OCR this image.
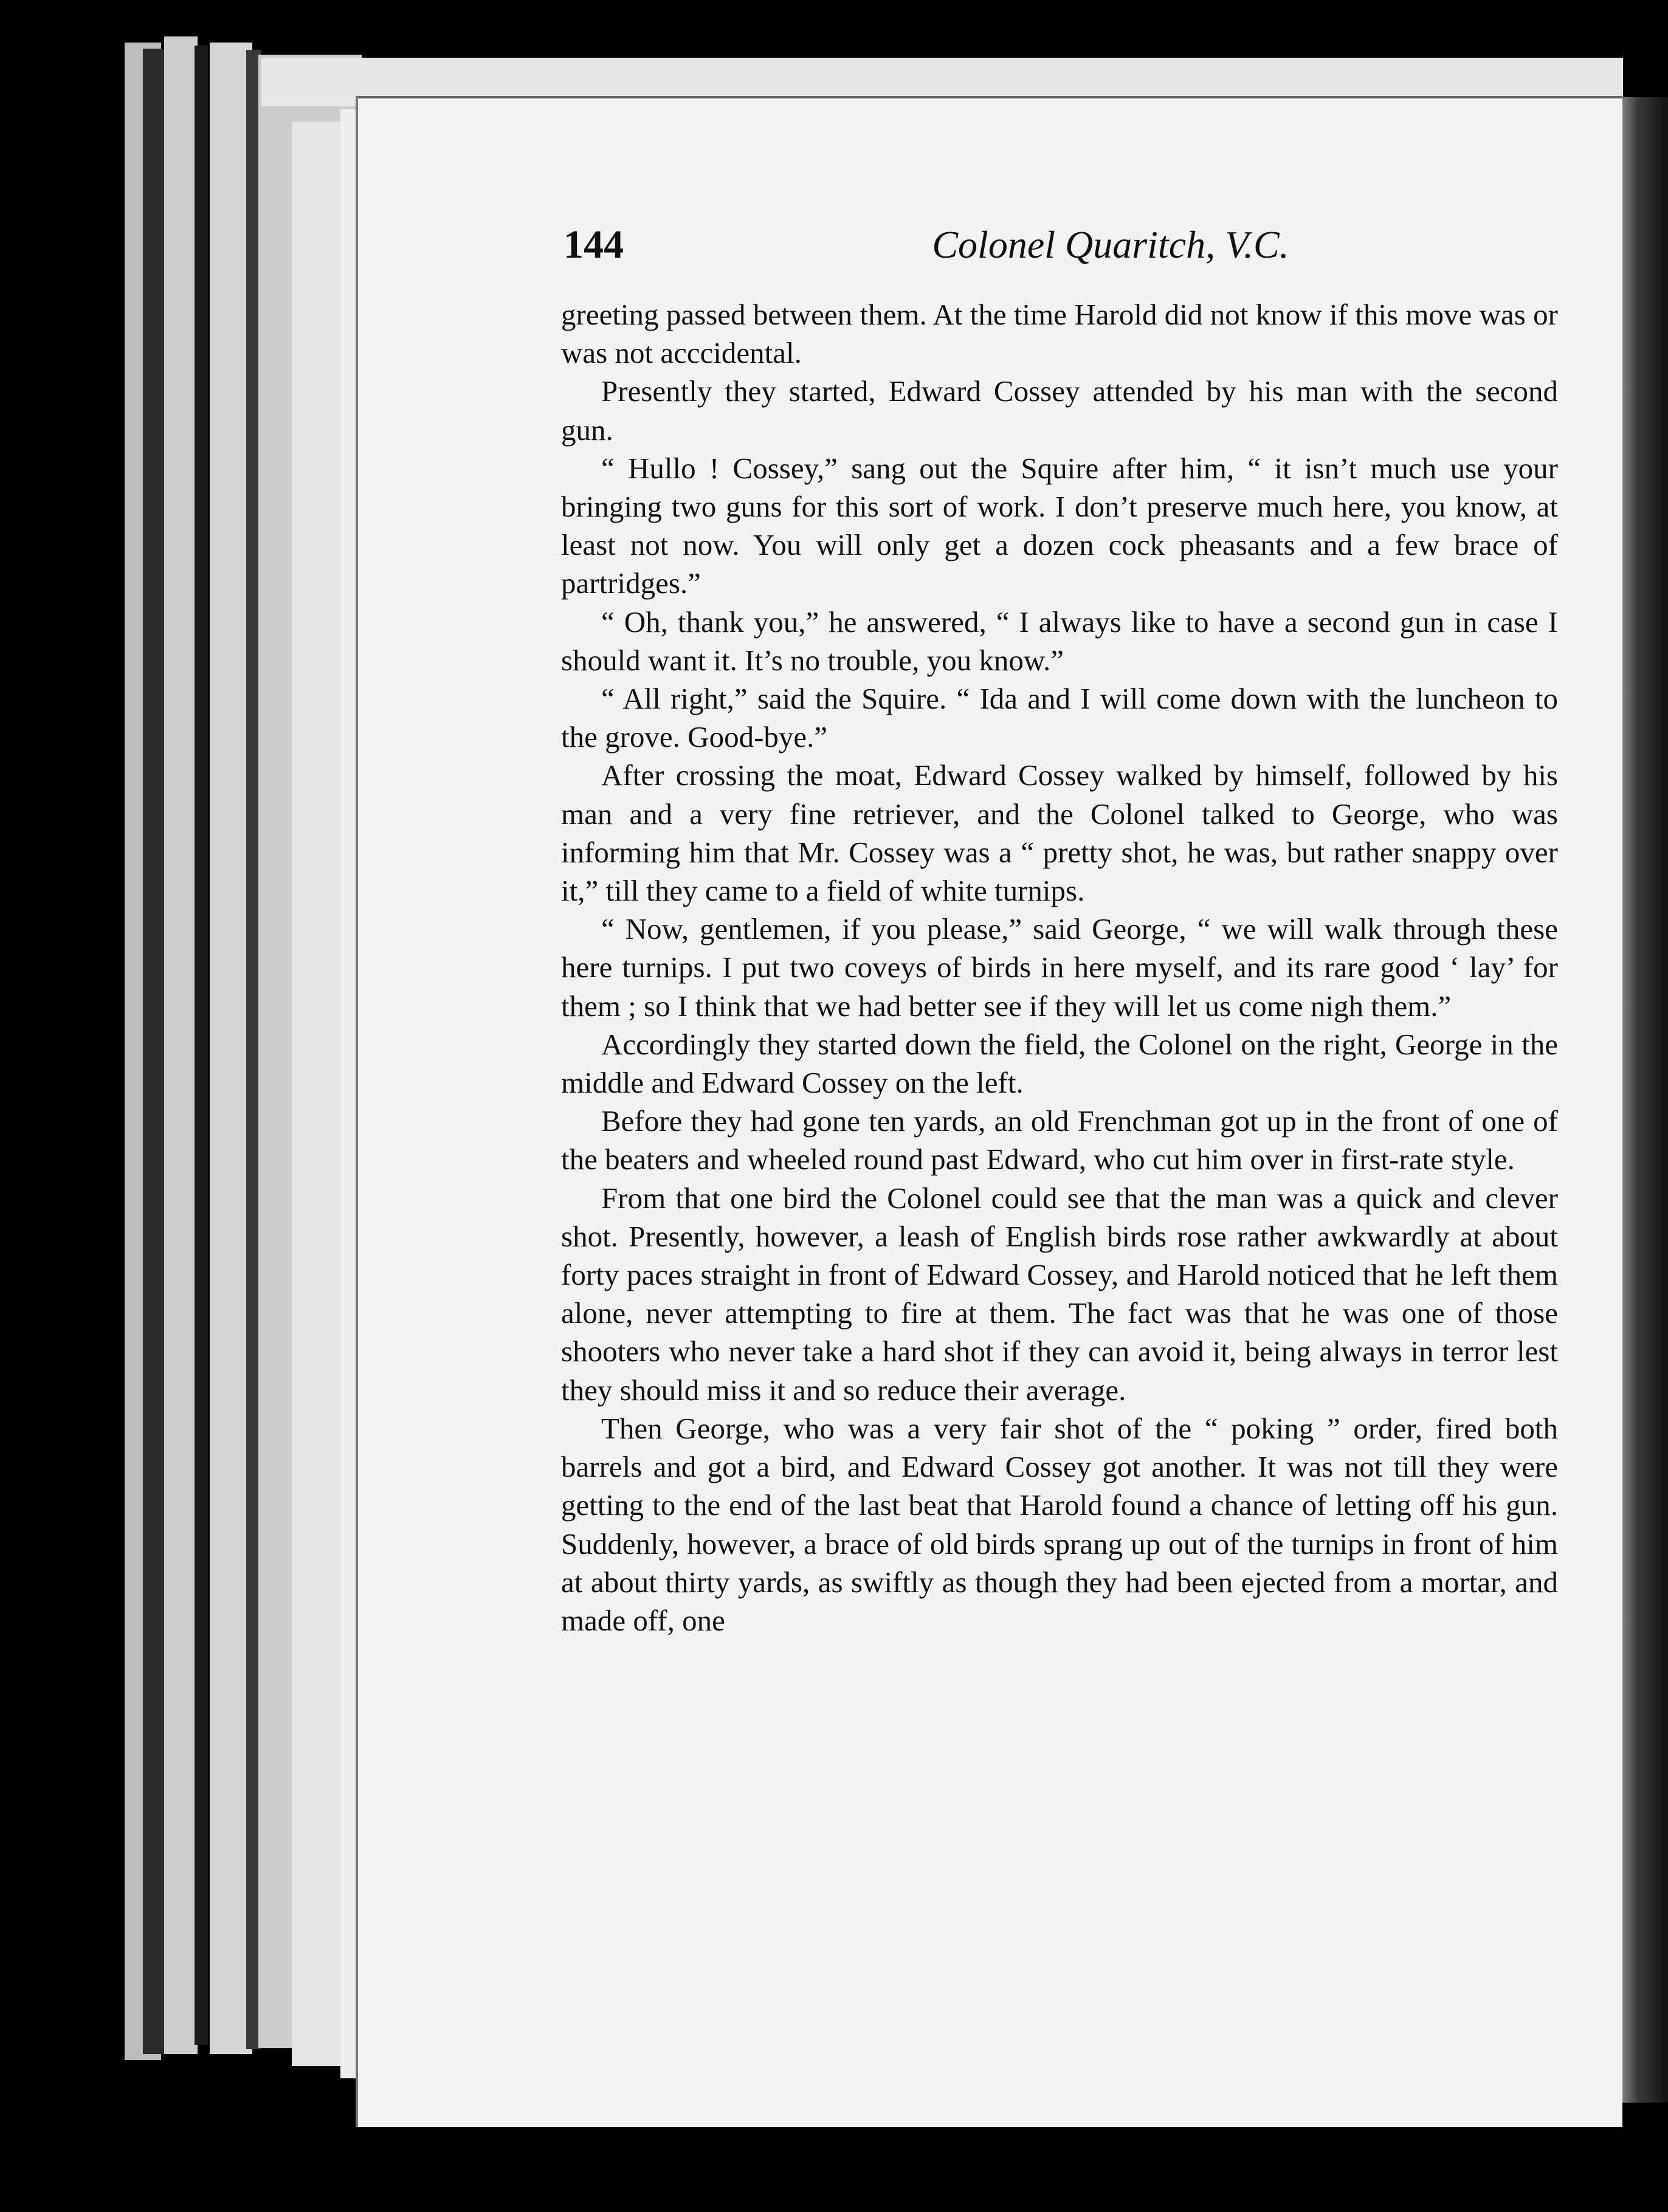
144	Colonel Quaritch, V.C.

greeting passed between them. At the time Harold did not know if this move was or was not acccidental.

Presently they started, Edward Cossey attended by his man with the second gun.

“ Hullo ! Cossey,” sang out the Squire after him, “ it isn’t much use your bringing two guns for this sort of work. I don’t preserve much here, you know, at least not now. You will only get a dozen cock pheasants and a few brace of partridges.”

“ Oh, thank you,” he answered, “ I always like to have a second gun in case I should want it. It’s no trouble, you know.”

“ All right,” said the Squire. “ Ida and I will come down with the luncheon to the grove. Good-bye.”

After crossing the moat, Edward Cossey walked by himself, followed by his man and a very fine retriever, and the Colonel talked to George, who was informing him that Mr. Cossey was a “ pretty shot, he was, but rather snappy over it,” till they came to a field of white turnips.

“ Now, gentlemen, if you please,” said George, “ we will walk through these here turnips. I put two coveys of birds in here myself, and its rare good ‘ lay’ for them ; so I think that we had better see if they will let us come nigh them.”

Accordingly they started down the field, the Colonel on the right, George in the middle and Edward Cossey on the left.

Before they had gone ten yards, an old Frenchman got up in the front of one of the beaters and wheeled round past Edward, who cut him over in first-rate style.

From that one bird the Colonel could see that the man was a quick and clever shot. Presently, however, a leash of English birds rose rather awkwardly at about forty paces straight in front of Edward Cossey, and Harold noticed that he left them alone, never attempting to fire at them. The fact was that he was one of those shooters who never take a hard shot if they can avoid it, being always in terror lest they should miss it and so reduce their average.

Then George, who was a very fair shot of the “ poking ” order, fired both barrels and got a bird, and Edward Cossey got another. It was not till they were getting to the end of the last beat that Harold found a chance of letting off his gun. Suddenly, however, a brace of old birds sprang up out of the turnips in front of him at about thirty yards, as swiftly as though they had been ejected from a mortar, and made off, one
